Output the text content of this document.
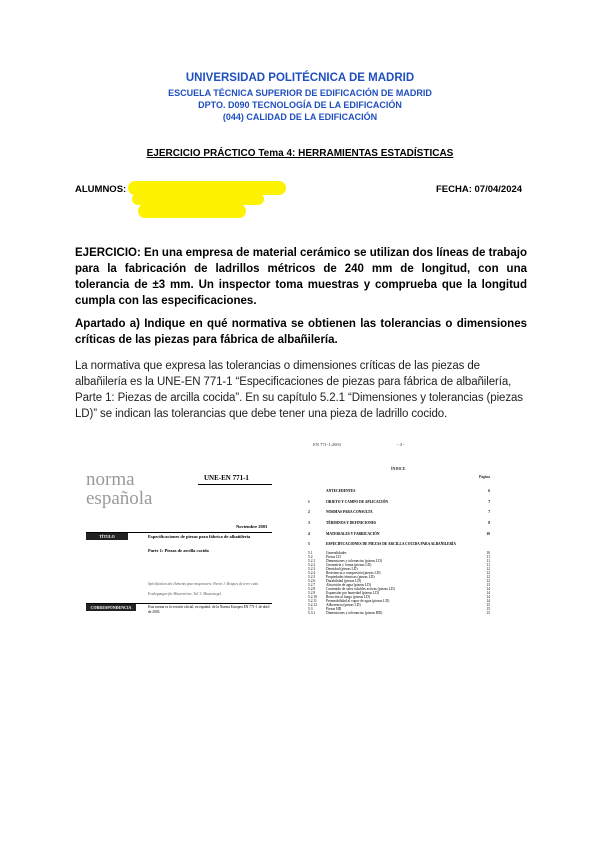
UNIVERSIDAD POLITÉCNICA DE MADRID
ESCUELA TÉCNICA SUPERIOR DE EDIFICACIÓN DE MADRID
DPTO. D090 TECNOLOGÍA DE LA EDIFICACIÓN
(044) CALIDAD DE LA EDIFICACIÓN
EJERCICIO PRÁCTICO Tema 4: HERRAMIENTAS ESTADÍSTICAS
ALUMNOS:	FECHA: 07/04/2024
EJERCICIO: En una empresa de material cerámico se utilizan dos líneas de trabajo para la fabricación de ladrillos métricos de 240 mm de longitud, con una tolerancia de ±3 mm. Un inspector toma muestras y comprueba que la longitud cumpla con las especificaciones.
Apartado a) Indique en qué normativa se obtienen las tolerancias o dimensiones críticas de las piezas para fábrica de albañilería.
La normativa que expresa las tolerancias o dimensiones críticas de las piezas de albañilería es la UNE-EN 771-1 “Especificaciones de piezas para fábrica de albañilería, Parte 1: Piezas de arcilla cocida”. En su capítulo 5.2.1 “Dimensiones y tolerancias (piezas LD)” se indican las tolerancias que debe tener una pieza de ladrillo cocido.
norma
española
UNE-EN 771-1
Noviembre 2003
TÍTULO	Especificaciones de piezas para fábrica de albañilería
Parte 1: Piezas de arcilla cocida
Spécification des éléments pour maçonnerie. Partie 1: Briques de terre cuite.
Festlegungen für Mauersteine. Teil 1: Mauerziegel.
CORRESPONDENCIA	Esta norma es la versión oficial, en español, de la Norma Europea EN 771-1 de abril de 2003.
EN 771-1:2003	- 4 -
ÍNDICE
Página
ANTECEDENTES	6
1	OBJETO Y CAMPO DE APLICACIÓN	7
2	NORMAS PARA CONSULTA	7
3	TÉRMINOS Y DEFINICIONES	8
4	MATERIALES Y FABRICACIÓN	10
5	ESPECIFICACIONES DE PIEZAS DE ARCILLA COCIDA PARA ALBAÑILERÍA
5.1	Generalidades	10
5.2	Piezas LD	11
5.2.1	Dimensiones y tolerancias (piezas LD)	11
5.2.2	Geometría y forma (piezas LD)	11
5.2.3	Densidad (piezas LD)	12
5.2.4	Resistencia a compresión (piezas LD)	12
5.2.5	Propiedades térmicas (piezas LD)	12
5.2.6	Durabilidad (piezas LD)	12
5.2.7	Absorción de agua (piezas LD)	13
5.2.8	Contenido de sales solubles activas (piezas LD)	14
5.2.9	Expansión por humedad (piezas LD)	14
5.2.10	Reacción al fuego (piezas LD)	14
5.2.11	Permeabilidad al vapor de agua (piezas LD)	14
5.2.12	Adherencia (piezas LD)	15
5.3	Piezas HD	15
5.3.1	Dimensiones y tolerancias (piezas HD)	15
